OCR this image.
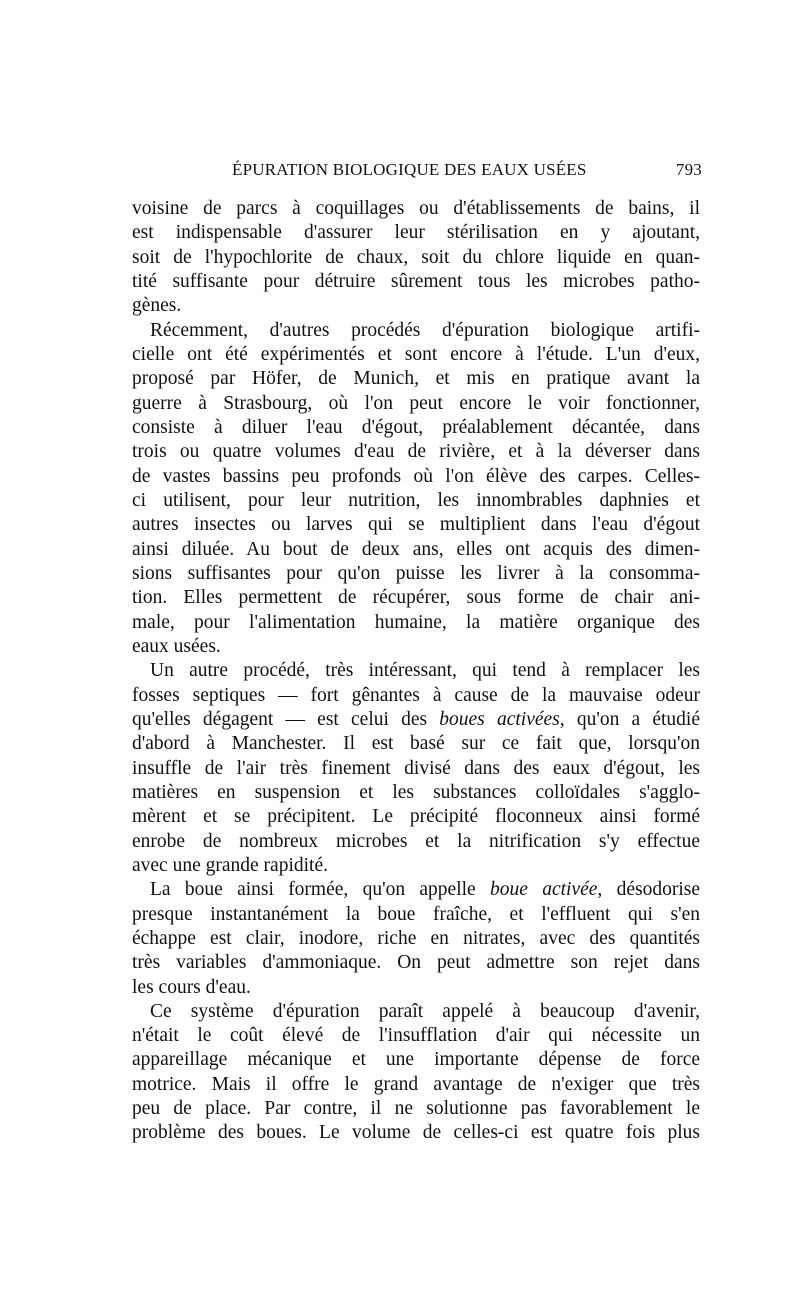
ÉPURATION BIOLOGIQUE DES EAUX USÉES	793
voisine de parcs à coquillages ou d'établissements de bains, il
est indispensable d'assurer leur stérilisation en y ajoutant,
soit de l'hypochlorite de chaux, soit du chlore liquide en quan-
tité suffisante pour détruire sûrement tous les microbes patho-
gènes.
Récemment, d'autres procédés d'épuration biologique artifi-
cielle ont été expérimentés et sont encore à l'étude. L'un d'eux,
proposé par Höfer, de Munich, et mis en pratique avant la
guerre à Strasbourg, où l'on peut encore le voir fonctionner,
consiste à diluer l'eau d'égout, préalablement décantée, dans
trois ou quatre volumes d'eau de rivière, et à la déverser dans
de vastes bassins peu profonds où l'on élève des carpes. Celles-
ci utilisent, pour leur nutrition, les innombrables daphnies et
autres insectes ou larves qui se multiplient dans l'eau d'égout
ainsi diluée. Au bout de deux ans, elles ont acquis des dimen-
sions suffisantes pour qu'on puisse les livrer à la consomma-
tion. Elles permettent de récupérer, sous forme de chair ani-
male, pour l'alimentation humaine, la matière organique des
eaux usées.
Un autre procédé, très intéressant, qui tend à remplacer les
fosses septiques — fort gênantes à cause de la mauvaise odeur
qu'elles dégagent — est celui des boues activées, qu'on a étudié
d'abord à Manchester. Il est basé sur ce fait que, lorsqu'on
insuffle de l'air très finement divisé dans des eaux d'égout, les
matières en suspension et les substances colloïdales s'agglo-
mèrent et se précipitent. Le précipité floconneux ainsi formé
enrobe de nombreux microbes et la nitrification s'y effectue
avec une grande rapidité.
La boue ainsi formée, qu'on appelle boue activée, désodorise
presque instantanément la boue fraîche, et l'effluent qui s'en
échappe est clair, inodore, riche en nitrates, avec des quantités
très variables d'ammoniaque. On peut admettre son rejet dans
les cours d'eau.
Ce système d'épuration paraît appelé à beaucoup d'avenir,
n'était le coût élevé de l'insufflation d'air qui nécessite un
appareillage mécanique et une importante dépense de force
motrice. Mais il offre le grand avantage de n'exiger que très
peu de place. Par contre, il ne solutionne pas favorablement le
problème des boues. Le volume de celles-ci est quatre fois plus
